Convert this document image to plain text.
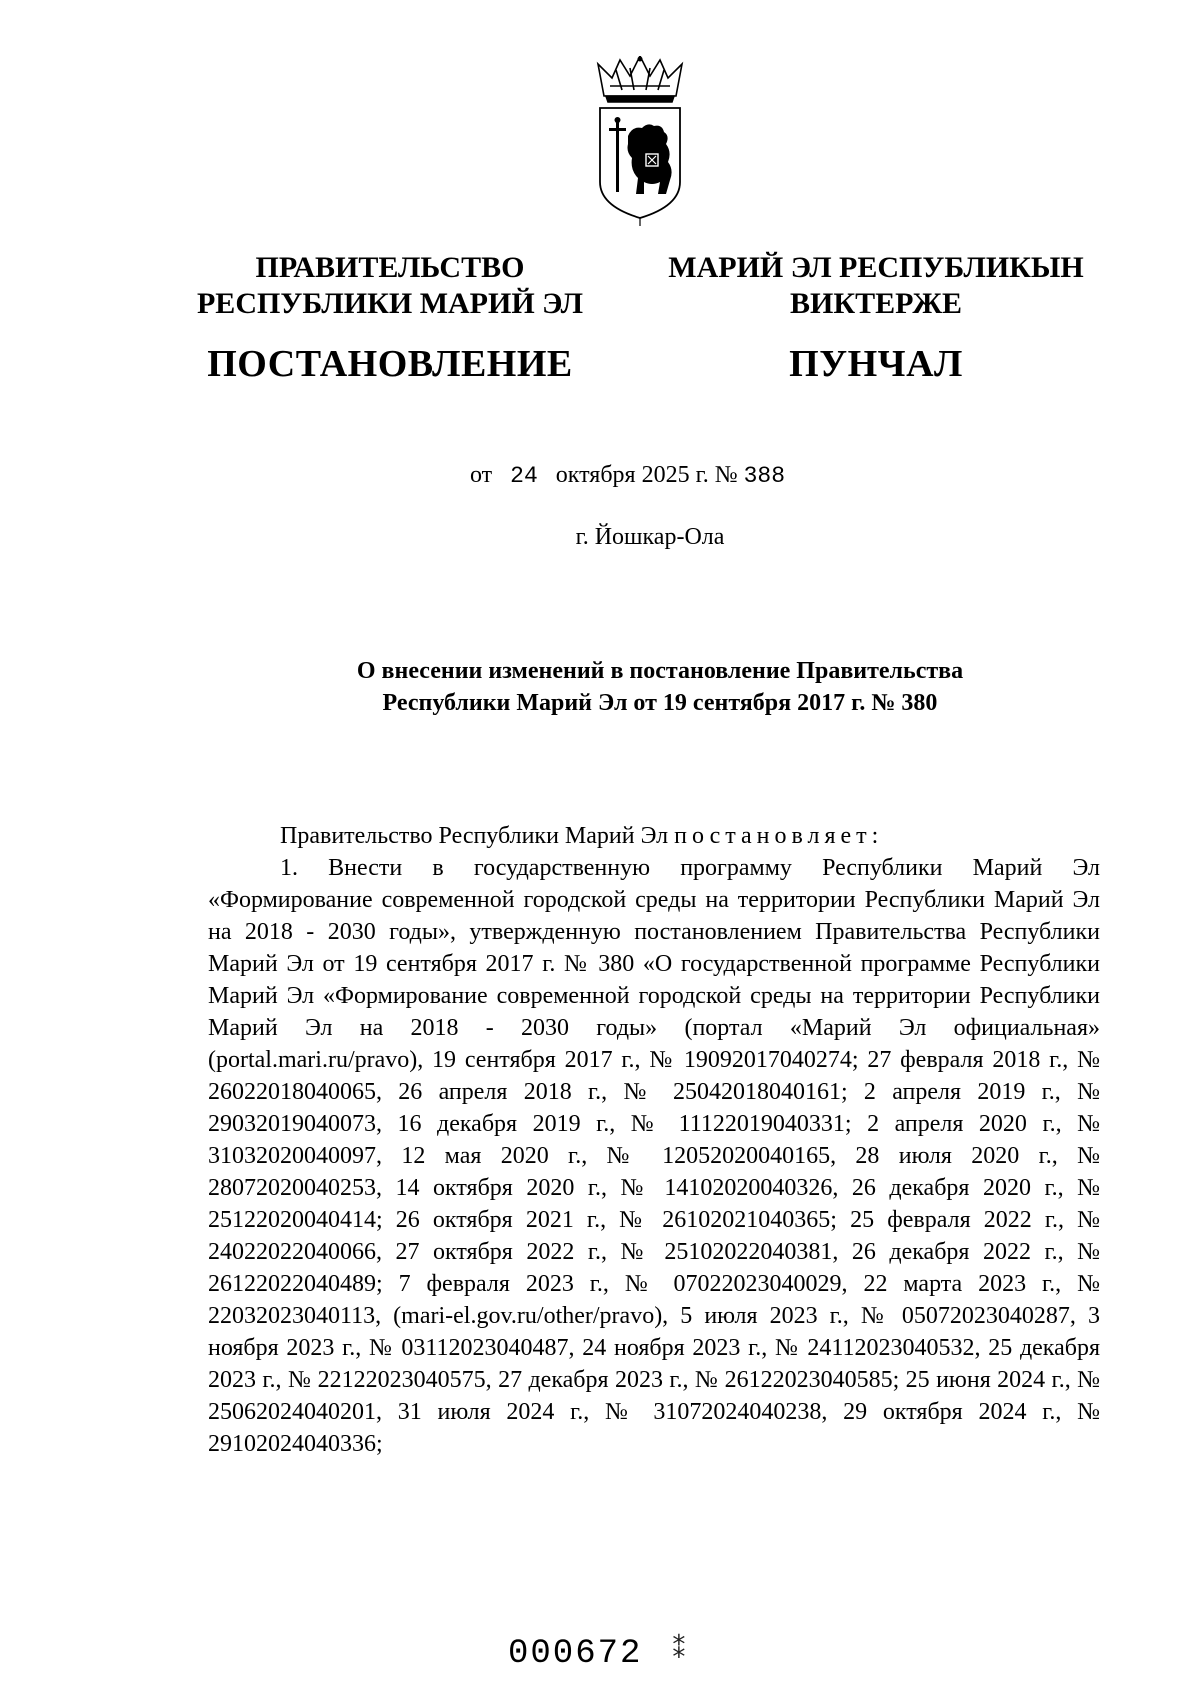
ПРАВИТЕЛЬСТВО
РЕСПУБЛИКИ МАРИЙ ЭЛ
ПОСТАНОВЛЕНИЕ
МАРИЙ ЭЛ РЕСПУБЛИКЫН
ВИКТЕРЖЕ
ПУНЧАЛ
от 24 октября 2025 г. № 388
г. Йошкар-Ола
О внесении изменений в постановление Правительства
Республики Марий Эл от 19 сентября 2017 г. № 380

Правительство Республики Марий Эл постановляет:

1. Внести в государственную программу Республики Марий Эл «Формирование современной городской среды на территории Республики Марий Эл на 2018 - 2030 годы», утвержденную постановлением Правительства Республики Марий Эл от 19 сентября 2017 г. № 380 «О государственной программе Республики Марий Эл «Формирование современной городской среды на территории Республики Марий Эл на 2018 - 2030 годы» (портал «Марий Эл официальная» (portal.mari.ru/pravo), 19 сентября 2017 г., № 19092017040274; 27 февраля 2018 г., № 26022018040065, 26 апреля 2018 г., № 25042018040161; 2 апреля 2019 г., № 29032019040073, 16 декабря 2019 г., № 11122019040331; 2 апреля 2020 г., № 31032020040097, 12 мая 2020 г., № 12052020040165, 28 июля 2020 г., № 28072020040253, 14 октября 2020 г., № 14102020040326, 26 декабря 2020 г., № 25122020040414; 26 октября 2021 г., № 26102021040365; 25 февраля 2022 г., № 24022022040066, 27 октября 2022 г., № 25102022040381, 26 декабря 2022 г., № 26122022040489; 7 февраля 2023 г., № 07022023040029, 22 марта 2023 г., № 22032023040113, (mari-el.gov.ru/other/pravo), 5 июля 2023 г., № 05072023040287, 3 ноября 2023 г., № 03112023040487, 24 ноября 2023 г., № 24112023040532, 25 декабря 2023 г., № 22122023040575, 27 декабря 2023 г., № 26122023040585; 25 июня 2024 г., № 25062024040201, 31 июля 2024 г., № 31072024040238, 29 октября 2024 г., № 29102024040336;

000672 ⁑
